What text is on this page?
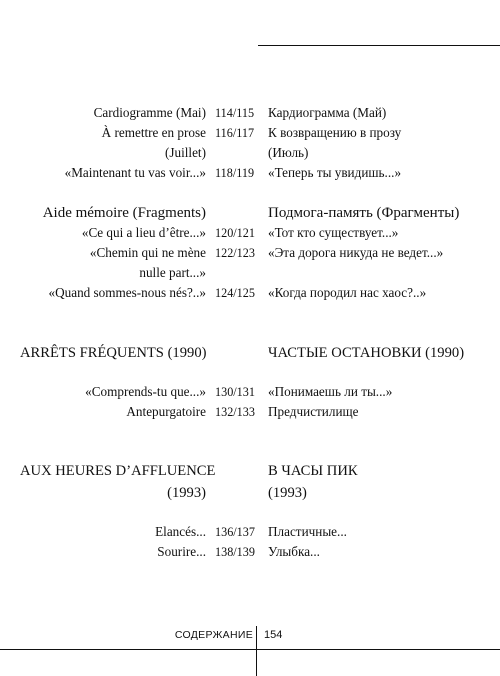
Cardiogramme (Mai) 114/115	Кардиограмма (Май)
À remettre en prose 116/117	К возвращению в прозу
(Juillet)	(Июль)
«Maintenant tu vas voir...» 118/119	«Теперь ты увидишь...»
Aide mémoire (Fragments)	Подмога-память (Фрагменты)
«Ce qui a lieu d’être...» 120/121 «Тот кто существует...»
«Chemin qui ne mène 122/123 «Эта дорога никуда не ведет...»
nulle part...»
«Quand sommes-nous nés?..» 124/125 «Когда породил нас хаос?..»
ARRÊTS FRÉQUENTS (1990)	ЧАСТЫЕ ОСТАНОВКИ (1990)
«Comprends-tu que...» 130/131 «Понимаешь ли ты...»
Antepurgatoire 132/133 Предчистилище
AUX HEURES D’AFFLUENCE	В ЧАСЫ ПИК
(1993)	(1993)
Elancés... 136/137 Пластичные...
Sourire... 138/139 Улыбка...
СОДЕРЖАНИЕ 154
